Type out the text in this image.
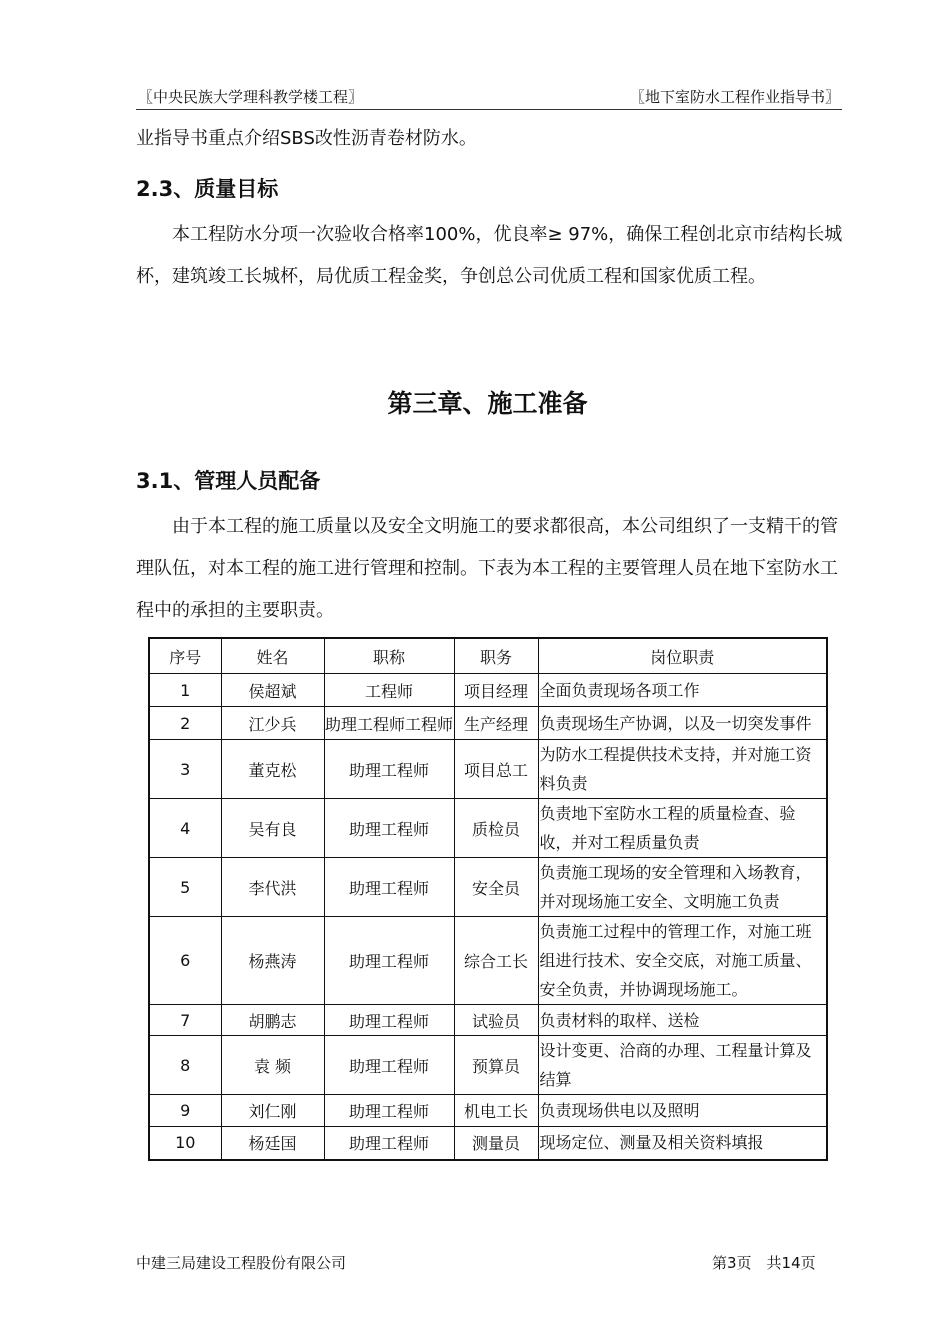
〖中央民族大学理科教学楼工程〗	〖地下室防水工程作业指导书〗
业指导书重点介绍SBS改性沥青卷材防水。
2.3、质量目标
本工程防水分项一次验收合格率100%，优良率≥ 97%，确保工程创北京市结构长城杯，建筑竣工长城杯，局优质工程金奖，争创总公司优质工程和国家优质工程。
第三章、施工准备
3.1、管理人员配备
由于本工程的施工质量以及安全文明施工的要求都很高，本公司组织了一支精干的管理队伍，对本工程的施工进行管理和控制。下表为本工程的主要管理人员在地下室防水工程中的承担的主要职责。
序号	姓名	职称	职务	岗位职责
1	侯超斌	工程师	项目经理	全面负责现场各项工作
2	江少兵	助理工程师工程师	生产经理	负责现场生产协调，以及一切突发事件
3	董克松	助理工程师	项目总工	为防水工程提供技术支持，并对施工资料负责
4	吴有良	助理工程师	质检员	负责地下室防水工程的质量检查、验收，并对工程质量负责
5	李代洪	助理工程师	安全员	负责施工现场的安全管理和入场教育，并对现场施工安全、文明施工负责
6	杨燕涛	助理工程师	综合工长	负责施工过程中的管理工作，对施工班组进行技术、安全交底，对施工质量、安全负责，并协调现场施工。
7	胡鹏志	助理工程师	试验员	负责材料的取样、送检
8	袁 频	助理工程师	预算员	设计变更、洽商的办理、工程量计算及结算
9	刘仁刚	助理工程师	机电工长	负责现场供电以及照明
10	杨廷国	助理工程师	测量员	现场定位、测量及相关资料填报
中建三局建设工程股份有限公司	第3页　共14页
